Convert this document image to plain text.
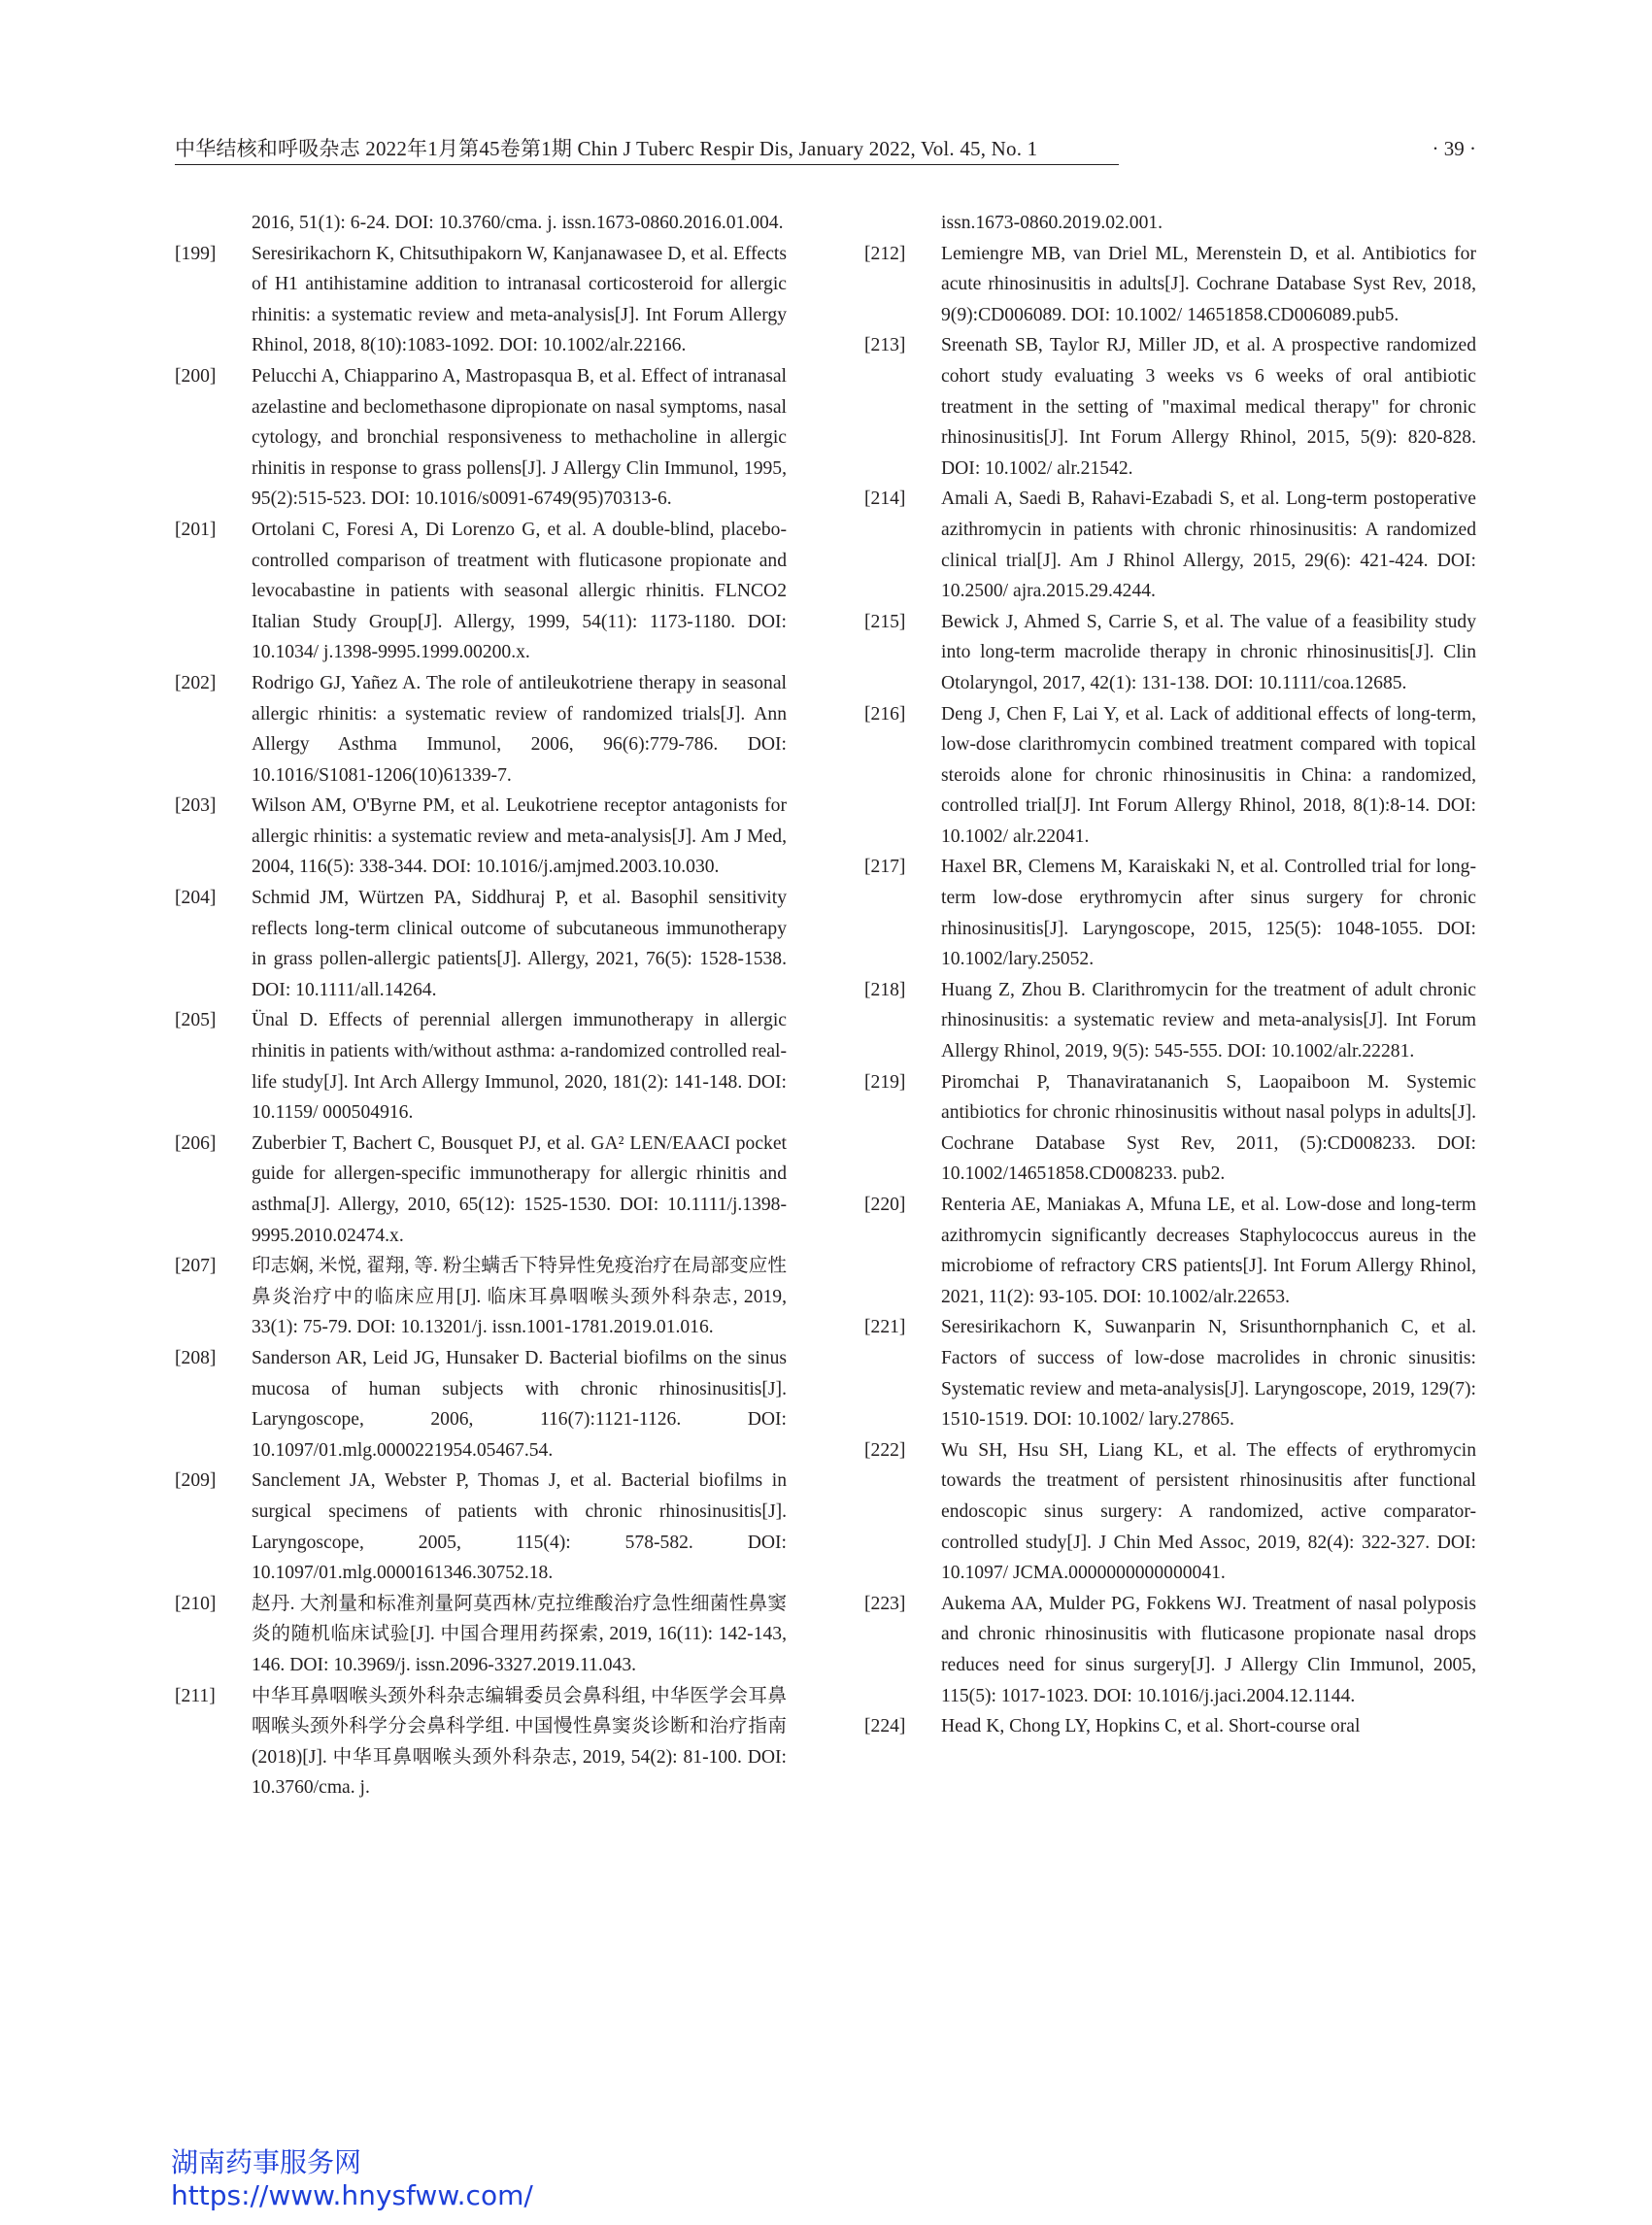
中华结核和呼吸杂志 2022年1月第45卷第1期 Chin J Tuberc Respir Dis, January 2022, Vol. 45, No. 1	· 39 ·
2016, 51(1): 6-24. DOI: 10.3760/cma. j. issn.1673-0860.2016.01.004.
[199] Seresirikachorn K, Chitsuthipakorn W, Kanjanawasee D, et al. Effects of H1 antihistamine addition to intranasal corticosteroid for allergic rhinitis: a systematic review and meta-analysis[J]. Int Forum Allergy Rhinol, 2018, 8(10):1083-1092. DOI: 10.1002/alr.22166.
[200] Pelucchi A, Chiapparino A, Mastropasqua B, et al. Effect of intranasal azelastine and beclomethasone dipropionate on nasal symptoms, nasal cytology, and bronchial responsiveness to methacholine in allergic rhinitis in response to grass pollens[J]. J Allergy Clin Immunol, 1995, 95(2):515-523. DOI: 10.1016/s0091-6749(95)70313-6.
[201] Ortolani C, Foresi A, Di Lorenzo G, et al. A double-blind, placebo-controlled comparison of treatment with fluticasone propionate and levocabastine in patients with seasonal allergic rhinitis. FLNCO2 Italian Study Group[J]. Allergy, 1999, 54(11): 1173-1180. DOI: 10.1034/ j.1398-9995.1999.00200.x.
[202] Rodrigo GJ, Yañez A. The role of antileukotriene therapy in seasonal allergic rhinitis: a systematic review of randomized trials[J]. Ann Allergy Asthma Immunol, 2006, 96(6):779-786. DOI: 10.1016/S1081-1206(10)61339-7.
[203] Wilson AM, O'Byrne PM, et al. Leukotriene receptor antagonists for allergic rhinitis: a systematic review and meta-analysis[J]. Am J Med, 2004, 116(5): 338-344. DOI: 10.1016/j.amjmed.2003.10.030.
[204] Schmid JM, Würtzen PA, Siddhuraj P, et al. Basophil sensitivity reflects long-term clinical outcome of subcutaneous immunotherapy in grass pollen-allergic patients[J]. Allergy, 2021, 76(5): 1528-1538. DOI: 10.1111/all.14264.
[205] Ünal D. Effects of perennial allergen immunotherapy in allergic rhinitis in patients with/without asthma: a-randomized controlled real-life study[J]. Int Arch Allergy Immunol, 2020, 181(2): 141-148. DOI: 10.1159/ 000504916.
[206] Zuberbier T, Bachert C, Bousquet PJ, et al. GA² LEN/EAACI pocket guide for allergen-specific immunotherapy for allergic rhinitis and asthma[J]. Allergy, 2010, 65(12): 1525-1530. DOI: 10.1111/j.1398-9995.2010.02474.x.
[207] 印志娴, 米悦, 翟翔, 等. 粉尘螨舌下特异性免疫治疗在局部变应性鼻炎治疗中的临床应用[J]. 临床耳鼻咽喉头颈外科杂志, 2019, 33(1): 75-79. DOI: 10.13201/j. issn.1001-1781.2019.01.016.
[208] Sanderson AR, Leid JG, Hunsaker D. Bacterial biofilms on the sinus mucosa of human subjects with chronic rhinosinusitis[J]. Laryngoscope, 2006, 116(7):1121-1126. DOI: 10.1097/01.mlg.0000221954.05467.54.
[209] Sanclement JA, Webster P, Thomas J, et al. Bacterial biofilms in surgical specimens of patients with chronic rhinosinusitis[J]. Laryngoscope, 2005, 115(4): 578-582. DOI: 10.1097/01.mlg.0000161346.30752.18.
[210] 赵丹. 大剂量和标准剂量阿莫西林/克拉维酸治疗急性细菌性鼻窦炎的随机临床试验[J]. 中国合理用药探索, 2019, 16(11): 142-143, 146. DOI: 10.3969/j. issn.2096-3327.2019.11.043.
[211] 中华耳鼻咽喉头颈外科杂志编辑委员会鼻科组, 中华医学会耳鼻咽喉头颈外科学分会鼻科学组. 中国慢性鼻窦炎诊断和治疗指南(2018)[J]. 中华耳鼻咽喉头颈外科杂志, 2019, 54(2): 81-100. DOI: 10.3760/cma. j.
issn.1673-0860.2019.02.001.
[212] Lemiengre MB, van Driel ML, Merenstein D, et al. Antibiotics for acute rhinosinusitis in adults[J]. Cochrane Database Syst Rev, 2018, 9(9):CD006089. DOI: 10.1002/ 14651858.CD006089.pub5.
[213] Sreenath SB, Taylor RJ, Miller JD, et al. A prospective randomized cohort study evaluating 3 weeks vs 6 weeks of oral antibiotic treatment in the setting of "maximal medical therapy" for chronic rhinosinusitis[J]. Int Forum Allergy Rhinol, 2015, 5(9): 820-828. DOI: 10.1002/ alr.21542.
[214] Amali A, Saedi B, Rahavi-Ezabadi S, et al. Long-term postoperative azithromycin in patients with chronic rhinosinusitis: A randomized clinical trial[J]. Am J Rhinol Allergy, 2015, 29(6): 421-424. DOI: 10.2500/ ajra.2015.29.4244.
[215] Bewick J, Ahmed S, Carrie S, et al. The value of a feasibility study into long-term macrolide therapy in chronic rhinosinusitis[J]. Clin Otolaryngol, 2017, 42(1): 131-138. DOI: 10.1111/coa.12685.
[216] Deng J, Chen F, Lai Y, et al. Lack of additional effects of long-term, low-dose clarithromycin combined treatment compared with topical steroids alone for chronic rhinosinusitis in China: a randomized, controlled trial[J]. Int Forum Allergy Rhinol, 2018, 8(1):8-14. DOI: 10.1002/ alr.22041.
[217] Haxel BR, Clemens M, Karaiskaki N, et al. Controlled trial for long-term low-dose erythromycin after sinus surgery for chronic rhinosinusitis[J]. Laryngoscope, 2015, 125(5): 1048-1055. DOI: 10.1002/lary.25052.
[218] Huang Z, Zhou B. Clarithromycin for the treatment of adult chronic rhinosinusitis: a systematic review and meta-analysis[J]. Int Forum Allergy Rhinol, 2019, 9(5): 545-555. DOI: 10.1002/alr.22281.
[219] Piromchai P, Thanaviratananich S, Laopaiboon M. Systemic antibiotics for chronic rhinosinusitis without nasal polyps in adults[J]. Cochrane Database Syst Rev, 2011, (5):CD008233. DOI: 10.1002/14651858.CD008233. pub2.
[220] Renteria AE, Maniakas A, Mfuna LE, et al. Low-dose and long-term azithromycin significantly decreases Staphylococcus aureus in the microbiome of refractory CRS patients[J]. Int Forum Allergy Rhinol, 2021, 11(2): 93-105. DOI: 10.1002/alr.22653.
[221] Seresirikachorn K, Suwanparin N, Srisunthornphanich C, et al. Factors of success of low-dose macrolides in chronic sinusitis: Systematic review and meta-analysis[J]. Laryngoscope, 2019, 129(7): 1510-1519. DOI: 10.1002/ lary.27865.
[222] Wu SH, Hsu SH, Liang KL, et al. The effects of erythromycin towards the treatment of persistent rhinosinusitis after functional endoscopic sinus surgery: A randomized, active comparator-controlled study[J]. J Chin Med Assoc, 2019, 82(4): 322-327. DOI: 10.1097/ JCMA.0000000000000041.
[223] Aukema AA, Mulder PG, Fokkens WJ. Treatment of nasal polyposis and chronic rhinosinusitis with fluticasone propionate nasal drops reduces need for sinus surgery[J]. J Allergy Clin Immunol, 2005, 115(5): 1017-1023. DOI: 10.1016/j.jaci.2004.12.1144.
[224] Head K, Chong LY, Hopkins C, et al. Short-course oral
湖南药事服务网
https://www.hnysfww.com/
